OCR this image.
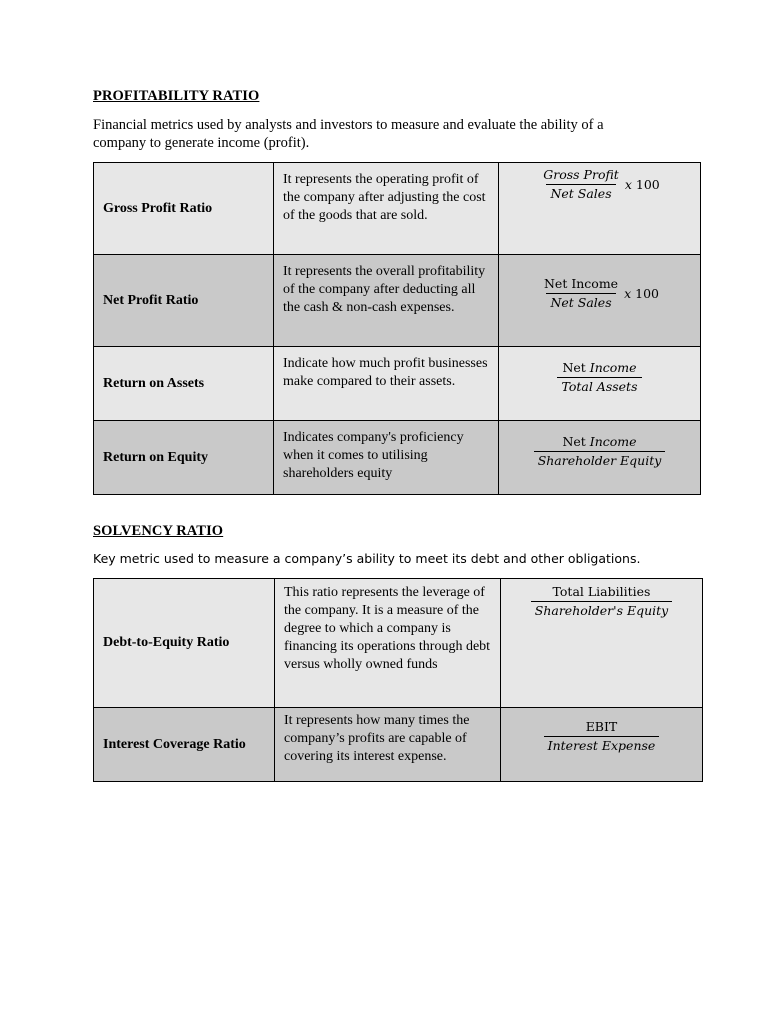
PROFITABILITY RATIO
Financial metrics used by analysts and investors to measure and evaluate the ability of a
company to generate income (profit).
Gross Profit Ratio	It represents the operating profit of the company after adjusting the cost of the goods that are sold.	$\frac{\text{Gross Profit}}{\text{Net Sales}}$ x 100

Net Profit Ratio	It represents the overall profitability of the company after deducting all the cash & non-cash expenses.	$\frac{\text{Net Income}}{\text{Net Sales}}$ x 100

Return on Assets	Indicate how much profit businesses make compared to their assets.	$\frac{\text{Net Income}}{\text{Total Assets}}$

Return on Equity	Indicates company's proficiency when it comes to utilising shareholders equity	$\frac{\text{Net Income}}{\text{Shareholder Equity}}$
SOLVENCY RATIO
Key metric used to measure a company’s ability to meet its debt and other obligations.
Debt-to-Equity Ratio	This ratio represents the leverage of the company. It is a measure of the degree to which a company is financing its operations through debt versus wholly owned funds	$\frac{\text{Total Liabilities}}{\text{Shareholder's Equity}}$

Interest Coverage Ratio	It represents how many times the company’s profits are capable of covering its interest expense.	$\frac{\text{EBIT}}{\text{Interest Expense}}$
